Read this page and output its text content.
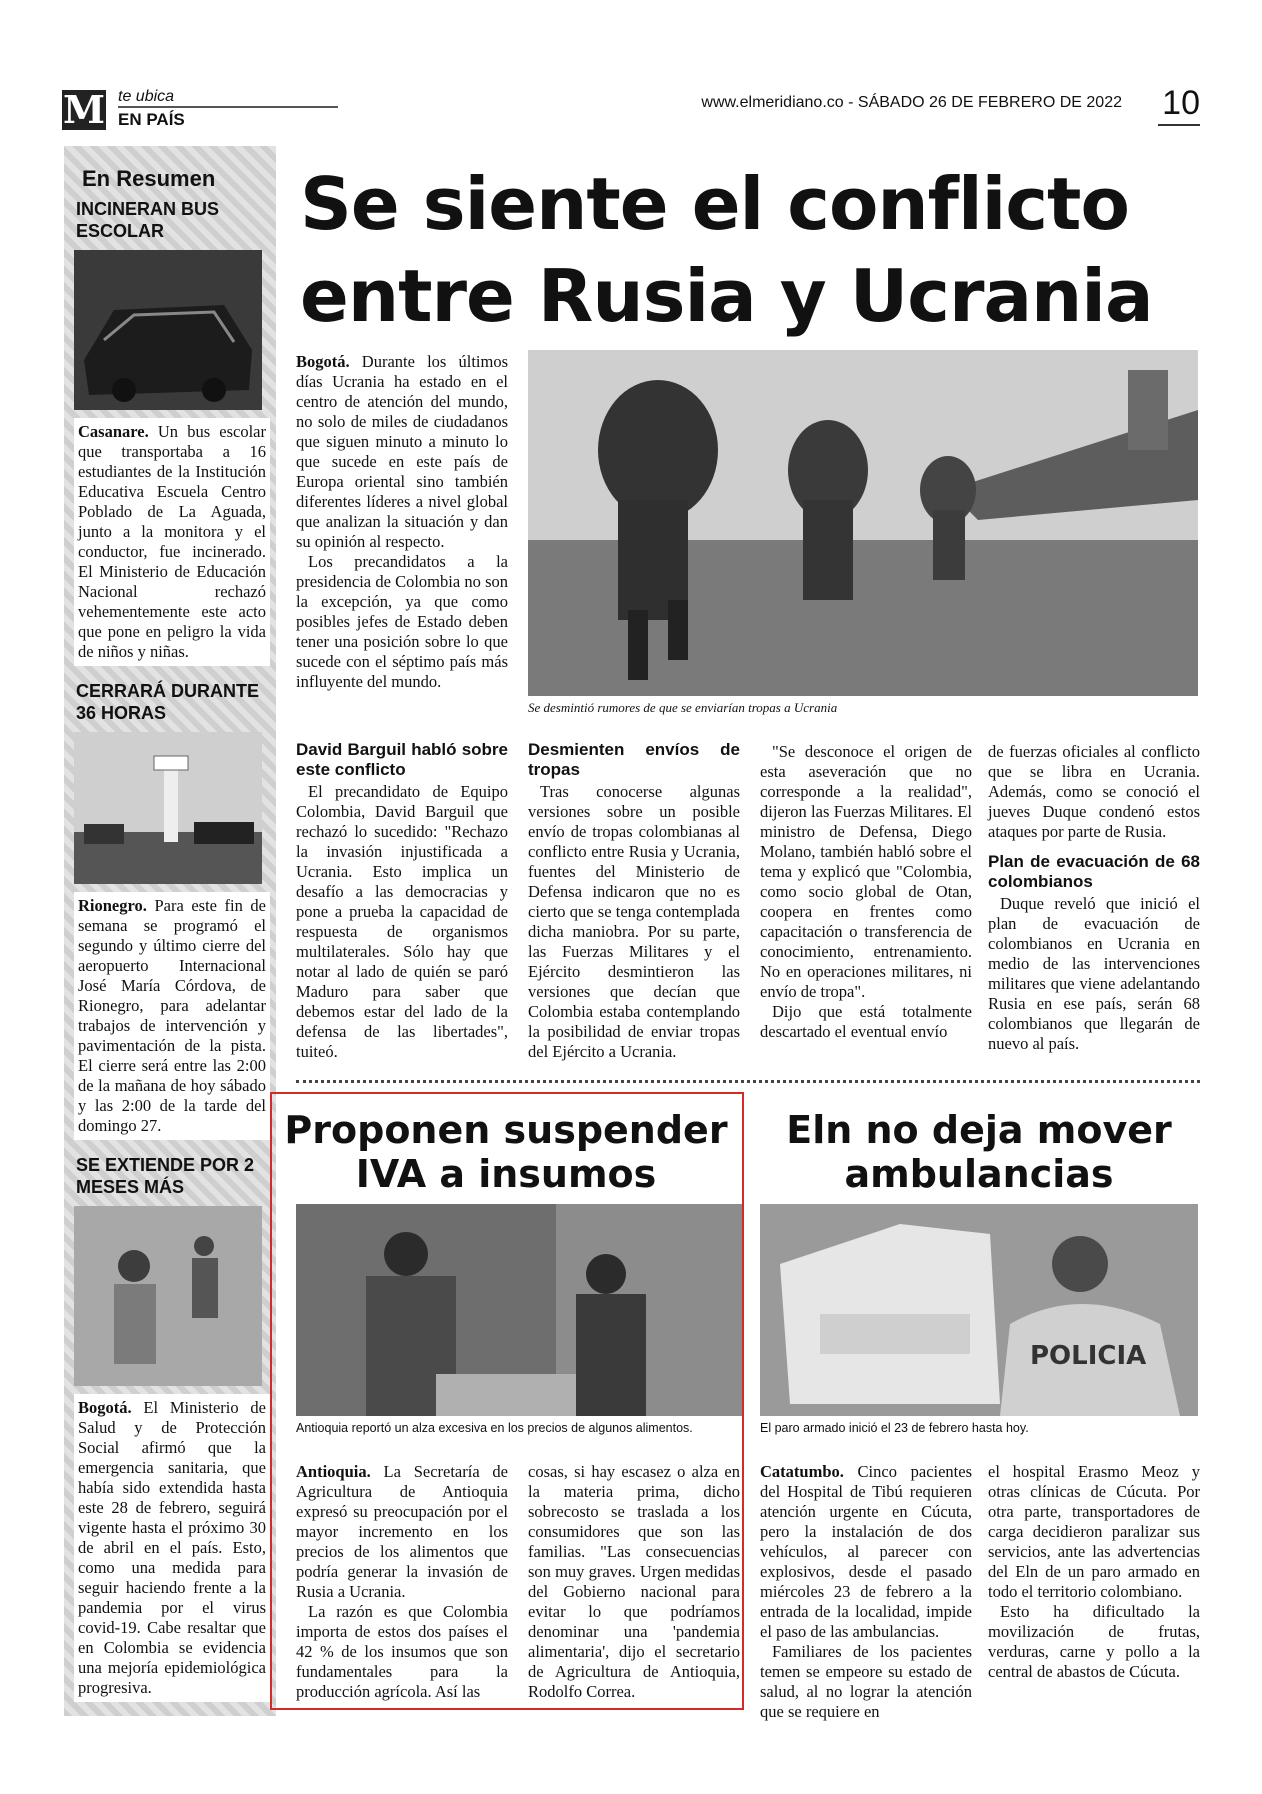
M te ubica
EN PAÍS
www.elmeridiano.co - SÁBADO 26 DE FEBRERO DE 2022 10
En Resumen
INCINERAN BUS ESCOLAR
Casanare. Un bus escolar que transportaba a 16 estudiantes de la Institución Educativa Escuela Centro Poblado de La Aguada, junto a la monitora y el conductor, fue incinerado. El Ministerio de Educación Nacional rechazó vehementemente este acto que pone en peligro la vida de niños y niñas.
CERRARÁ DURANTE 36 HORAS
Rionegro. Para este fin de semana se programó el segundo y último cierre del aeropuerto Internacional José María Córdova, de Rionegro, para adelantar trabajos de intervención y pavimentación de la pista. El cierre será entre las 2:00 de la mañana de hoy sábado y las 2:00 de la tarde del domingo 27.
SE EXTIENDE POR 2 MESES MÁS
Bogotá. El Ministerio de Salud y de Protección Social afirmó que la emergencia sanitaria, que había sido extendida hasta este 28 de febrero, seguirá vigente hasta el próximo 30 de abril en el país. Esto, como una medida para seguir haciendo frente a la pandemia por el virus covid-19. Cabe resaltar que en Colombia se evidencia una mejoría epidemiológica progresiva.
Se siente el conflicto
entre Rusia y Ucrania
Bogotá. Durante los últimos días Ucrania ha estado en el centro de atención del mundo, no solo de miles de ciudadanos que siguen minuto a minuto lo que sucede en este país de Europa oriental sino también diferentes líderes a nivel global que analizan la situación y dan su opinión al respecto.
Los precandidatos a la presidencia de Colombia no son la excepción, ya que como posibles jefes de Estado deben tener una posición sobre lo que sucede con el séptimo país más influyente del mundo.
Se desmintió rumores de que se enviarían tropas a Ucrania
David Barguil habló sobre este conflicto
El precandidato de Equipo Colombia, David Barguil que rechazó lo sucedido: "Rechazo la invasión injustificada a Ucrania. Esto implica un desafío a las democracias y pone a prueba la capacidad de respuesta de organismos multilaterales. Sólo hay que notar al lado de quién se paró Maduro para saber que debemos estar del lado de la defensa de las libertades", tuiteó.
Desmienten envíos de tropas
Tras conocerse algunas versiones sobre un posible envío de tropas colombianas al conflicto entre Rusia y Ucrania, fuentes del Ministerio de Defensa indicaron que no es cierto que se tenga contemplada dicha maniobra. Por su parte, las Fuerzas Militares y el Ejército desmintieron las versiones que decían que Colombia estaba contemplando la posibilidad de enviar tropas del Ejército a Ucrania.
"Se desconoce el origen de esta aseveración que no corresponde a la realidad", dijeron las Fuerzas Militares. El ministro de Defensa, Diego Molano, también habló sobre el tema y explicó que "Colombia, como socio global de Otan, coopera en frentes como capacitación o transferencia de conocimiento, entrenamiento. No en operaciones militares, ni envío de tropa".
Dijo que está totalmente descartado el eventual envío
de fuerzas oficiales al conflicto que se libra en Ucrania. Además, como se conoció el jueves Duque condenó estos ataques por parte de Rusia.
Plan de evacuación de 68 colombianos
Duque reveló que inició el plan de evacuación de colombianos en Ucrania en medio de las intervenciones militares que viene adelantando Rusia en ese país, serán 68 colombianos que llegarán de nuevo al país.
Proponen suspender
IVA a insumos
Antioquia reportó un alza excesiva en los precios de algunos alimentos.
Antioquia. La Secretaría de Agricultura de Antioquia expresó su preocupación por el mayor incremento en los precios de los alimentos que podría generar la invasión de Rusia a Ucrania.
La razón es que Colombia importa de estos dos países el 42 % de los insumos que son fundamentales para la producción agrícola. Así las
cosas, si hay escasez o alza en la materia prima, dicho sobrecosto se traslada a los consumidores que son las familias. "Las consecuencias son muy graves. Urgen medidas del Gobierno nacional para evitar lo que podríamos denominar una 'pandemia alimentaria', dijo el secretario de Agricultura de Antioquia, Rodolfo Correa.
Eln no deja mover
ambulancias
POLICIA
El paro armado inició el 23 de febrero hasta hoy.
Catatumbo. Cinco pacientes del Hospital de Tibú requieren atención urgente en Cúcuta, pero la instalación de dos vehículos, al parecer con explosivos, desde el pasado miércoles 23 de febrero a la entrada de la localidad, impide el paso de las ambulancias.
Familiares de los pacientes temen se empeore su estado de salud, al no lograr la atención que se requiere en
el hospital Erasmo Meoz y otras clínicas de Cúcuta. Por otra parte, transportadores de carga decidieron paralizar sus servicios, ante las advertencias del Eln de un paro armado en todo el territorio colombiano.
Esto ha dificultado la movilización de frutas, verduras, carne y pollo a la central de abastos de Cúcuta.
